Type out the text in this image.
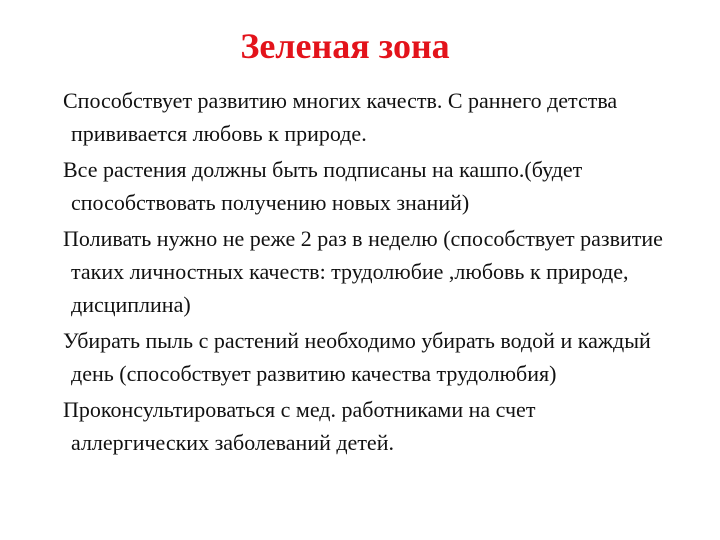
Зеленая зона
Способствует развитию многих качеств. С раннего детства прививается любовь к природе.
Все растения должны быть подписаны на кашпо.(будет способствовать получению новых знаний)
Поливать нужно не реже 2 раз в неделю (способствует развитие таких личностных качеств: трудолюбие ,любовь к природе, дисциплина)
Убирать пыль с растений необходимо убирать водой и каждый день (способствует развитию качества трудолюбия)
Проконсультироваться с мед. работниками на счет аллергических заболеваний детей.
